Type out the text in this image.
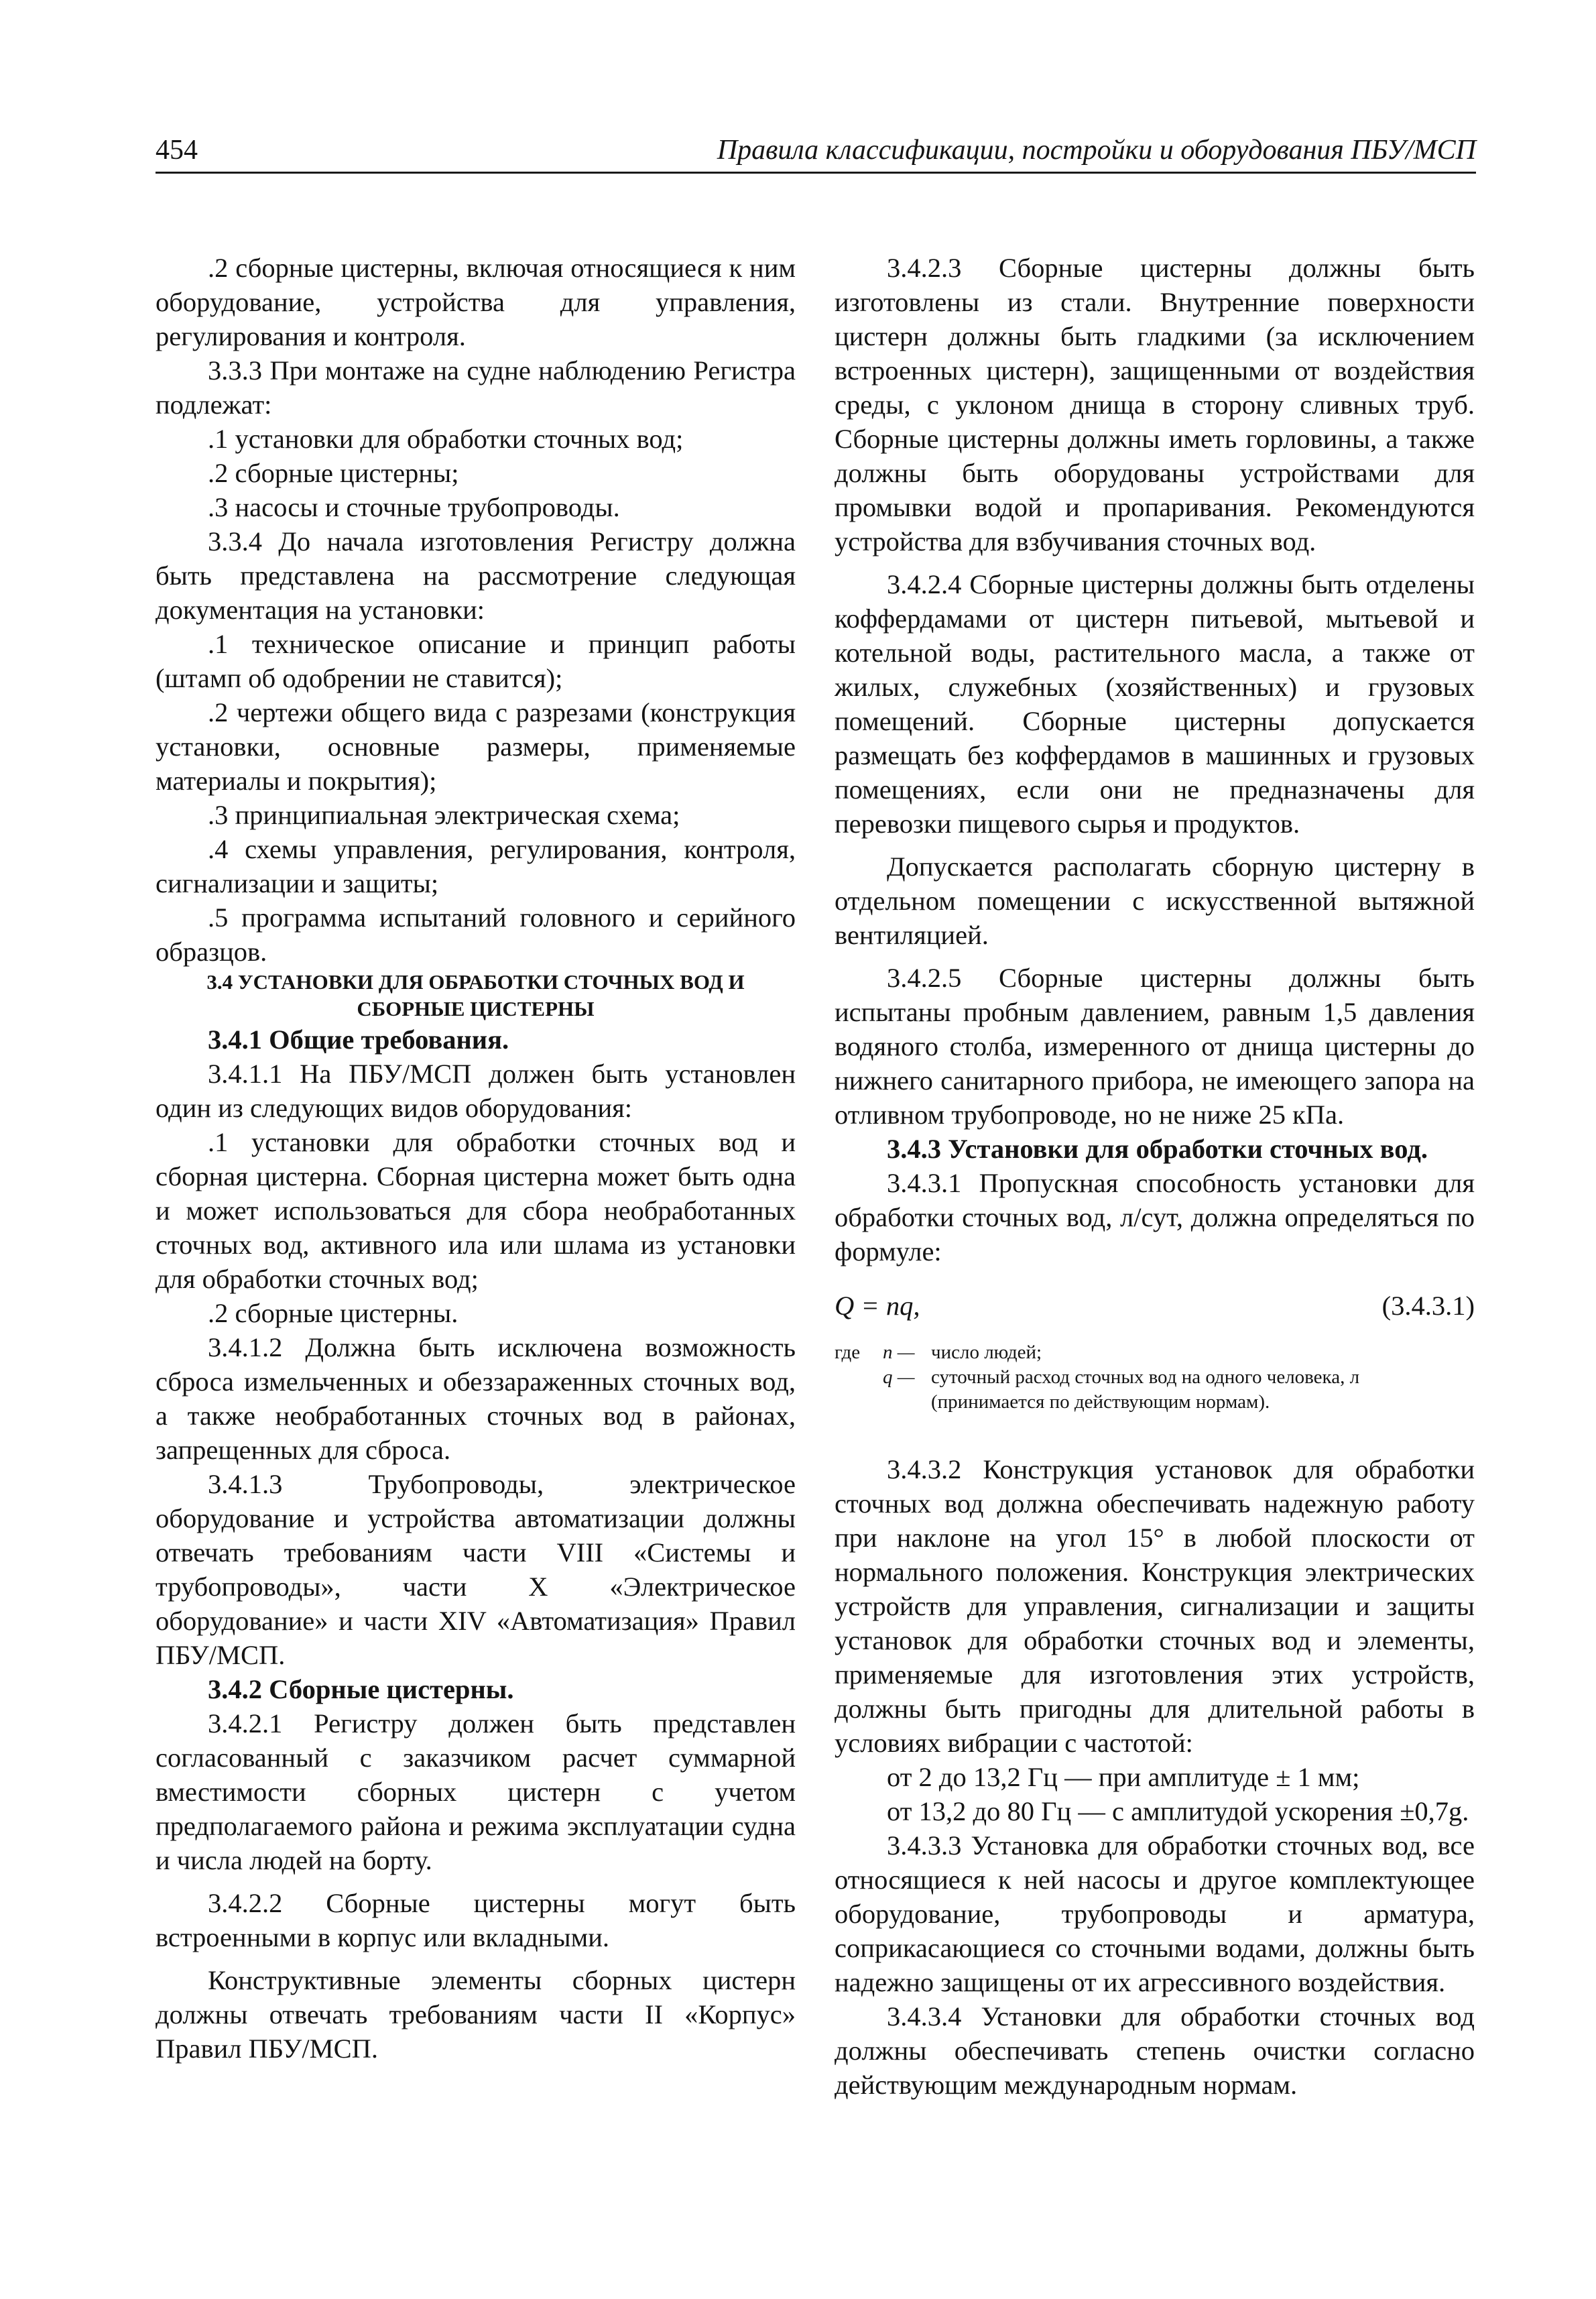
454	Правила классификации, постройки и оборудования ПБУ/МСП

.2 сборные цистерны, включая относящиеся к ним оборудование, устройства для управления, регулирования и контроля.

3.3.3 При монтаже на судне наблюдению Регистра подлежат:

.1 установки для обработки сточных вод;

.2 сборные цистерны;

.3 насосы и сточные трубопроводы.

3.3.4 До начала изготовления Регистру должна быть представлена на рассмотрение следующая документация на установки:

.1 техническое описание и принцип работы (штамп об одобрении не ставится);

.2 чертежи общего вида с разрезами (конструкция установки, основные размеры, применяемые материалы и покрытия);

.3 принципиальная электрическая схема;

.4 схемы управления, регулирования, контроля, сигнализации и защиты;

.5 программа испытаний головного и серийного образцов.

3.4 УСТАНОВКИ ДЛЯ ОБРАБОТКИ СТОЧНЫХ ВОД И СБОРНЫЕ ЦИСТЕРНЫ

3.4.1 Общие требования.

3.4.1.1 На ПБУ/МСП должен быть установлен один из следующих видов оборудования:

.1 установки для обработки сточных вод и сборная цистерна. Сборная цистерна может быть одна и может использоваться для сбора необработанных сточных вод, активного ила или шлама из установки для обработки сточных вод;

.2 сборные цистерны.

3.4.1.2 Должна быть исключена возможность сброса измельченных и обеззараженных сточных вод, а также необработанных сточных вод в районах, запрещенных для сброса.

3.4.1.3 Трубопроводы, электрическое оборудование и устройства автоматизации должны отвечать требованиям части VIII «Системы и трубопроводы», части X «Электрическое оборудование» и части XIV «Автоматизация» Правил ПБУ/МСП.

3.4.2 Сборные цистерны.

3.4.2.1 Регистру должен быть представлен согласованный с заказчиком расчет суммарной вместимости сборных цистерн с учетом предполагаемого района и режима эксплуатации судна и числа людей на борту.

3.4.2.2 Сборные цистерны могут быть встроенными в корпус или вкладными.

Конструктивные элементы сборных цистерн должны отвечать требованиям части II «Корпус» Правил ПБУ/МСП.

3.4.2.3 Сборные цистерны должны быть изготовлены из стали. Внутренние поверхности цистерн должны быть гладкими (за исключением встроенных цистерн), защищенными от воздействия среды, с уклоном днища в сторону сливных труб. Сборные цистерны должны иметь горловины, а также должны быть оборудованы устройствами для промывки водой и пропаривания. Рекомендуются устройства для взбучивания сточных вод.

3.4.2.4 Сборные цистерны должны быть отделены коффердамами от цистерн питьевой, мытьевой и котельной воды, растительного масла, а также от жилых, служебных (хозяйственных) и грузовых помещений. Сборные цистерны допускается размещать без коффердамов в машинных и грузовых помещениях, если они не предназначены для перевозки пищевого сырья и продуктов.

Допускается располагать сборную цистерну в отдельном помещении с искусственной вытяжной вентиляцией.

3.4.2.5 Сборные цистерны должны быть испытаны пробным давлением, равным 1,5 давления водяного столба, измеренного от днища цистерны до нижнего санитарного прибора, не имеющего запора на отливном трубопроводе, но не ниже 25 кПа.

3.4.3 Установки для обработки сточных вод.

3.4.3.1 Пропускная способность установки для обработки сточных вод, л/сут, должна определяться по формуле:

Q = nq,	(3.4.3.1)
где	n — число людей;
q — суточный расход сточных вод на одного человека, л (принимается по действующим нормам).

3.4.3.2 Конструкция установок для обработки сточных вод должна обеспечивать надежную работу при наклоне на угол 15° в любой плоскости от нормального положения. Конструкция электрических устройств для управления, сигнализации и защиты установок для обработки сточных вод и элементы, применяемые для изготовления этих устройств, должны быть пригодны для длительной работы в условиях вибрации с частотой:

от 2 до 13,2 Гц — при амплитуде ± 1 мм;

от 13,2 до 80 Гц — с амплитудой ускорения ±0,7g.

3.4.3.3 Установка для обработки сточных вод, все относящиеся к ней насосы и другое комплектующее оборудование, трубопроводы и арматура, соприкасающиеся со сточными водами, должны быть надежно защищены от их агрессивного воздействия.

3.4.3.4 Установки для обработки сточных вод должны обеспечивать степень очистки согласно действующим международным нормам.
